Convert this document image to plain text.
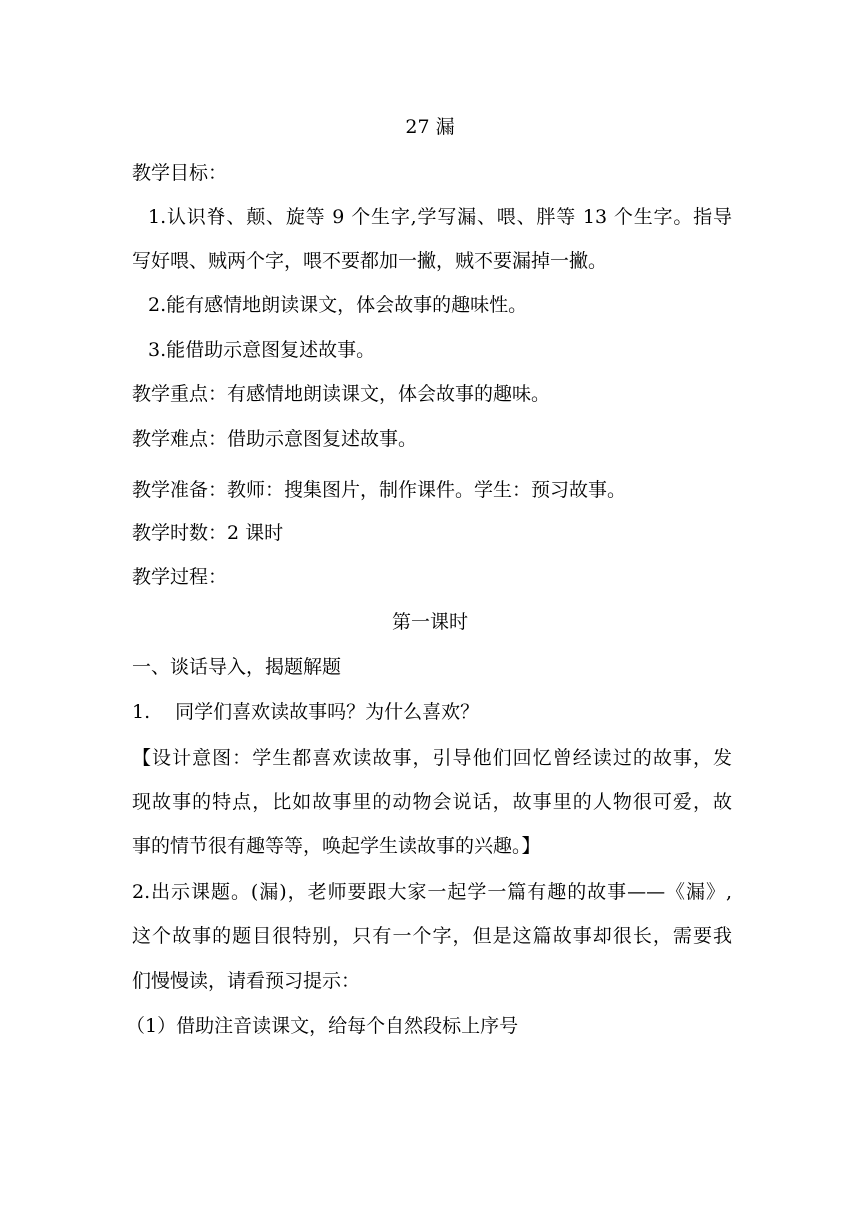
27 漏
教学目标：
1.认识脊、颠、旋等 9 个生字,学写漏、喂、胖等 13 个生字。指导
写好喂、贼两个字，喂不要都加一撇，贼不要漏掉一撇。
2.能有感情地朗读课文，体会故事的趣味性。
3.能借助示意图复述故事。
教学重点：有感情地朗读课文，体会故事的趣味。
教学难点：借助示意图复述故事。
教学准备：教师：搜集图片，制作课件。学生：预习故事。
教学时数：2 课时
教学过程：
第一课时
一、谈话导入，揭题解题
1.　 同学们喜欢读故事吗？为什么喜欢？
【设计意图：学生都喜欢读故事，引导他们回忆曾经读过的故事，发
现故事的特点，比如故事里的动物会说话，故事里的人物很可爱，故
事的情节很有趣等等，唤起学生读故事的兴趣。】
2.出示课题。(漏)，老师要跟大家一起学一篇有趣的故事——《漏》,
这个故事的题目很特别，只有一个字，但是这篇故事却很长，需要我
们慢慢读，请看预习提示：
（1）借助注音读课文，给每个自然段标上序号
